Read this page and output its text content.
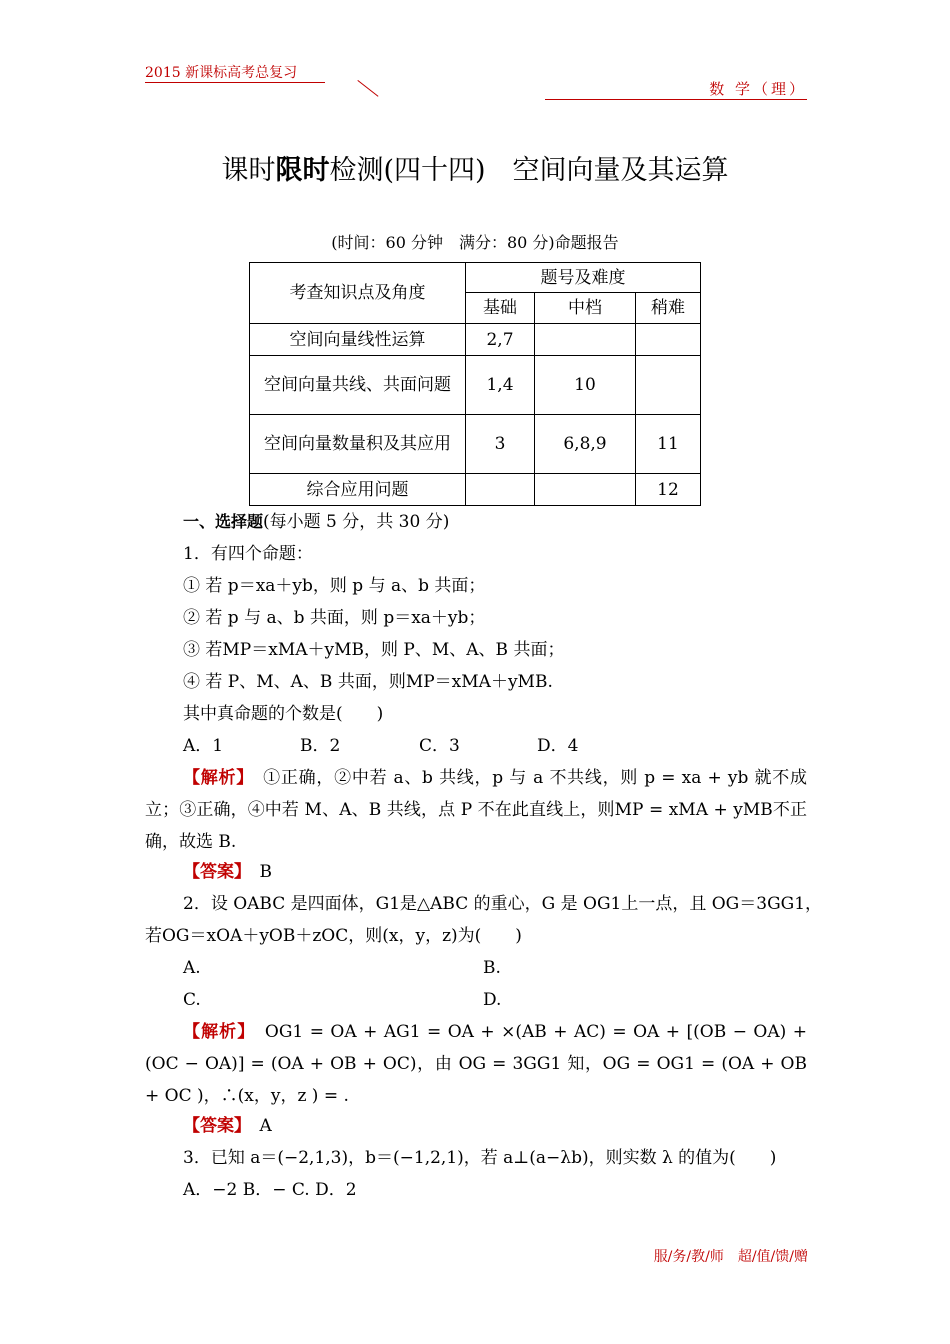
2015 新课标高考总复习
数 学（理）
课时限时检测(四十四)　空间向量及其运算
(时间：60 分钟　满分：80 分)命题报告
考查知识点及角度	题号及难度		
	基础	中档	稍难
空间向量线性运算	2,7		
空间向量共线、共面问题	1,4	10	
空间向量数量积及其应用	3	6,8,9	11
综合应用问题			12
一、选择题(每小题 5 分，共 30 分)
1．有四个命题：
① 若 p＝xa＋yb，则 p 与 a、b 共面；
② 若 p 与 a、b 共面，则 p＝xa＋yb；
③ 若MP＝xMA＋yMB，则 P、M、A、B 共面；
④ 若 P、M、A、B 共面，则MP＝xMA＋yMB.
其中真命题的个数是(　　)
A．1	B．2	C．3	D．4
【解析】　 ①正确，②中若 a、b 共线，p 与 a 不共线，则 p = xa + yb 就不成立；③正确，④中若 M、A、B 共线，点 P 不在此直线上，则MP = xMA + yMB不正确，故选 B.
【答案】　 B
2．设 OABC 是四面体，G1是△ABC 的重心，G 是 OG1上一点，且 OG＝3GG1，
若OG＝xOA＋yOB＋zOC，则(x，y，z)为(　　)
A.	B.
C.	D.
【解析】　 OG1 = OA + AG1 = OA + ×(AB + AC) = OA + [(OB − OA) + (OC − OA)] = (OA + OB + OC)，由 OG = 3GG1 知，OG = OG1 = (OA + OB + OC )，∴(x，y，z ) = .
【答案】　 A
3．已知 a＝(−2,1,3)，b＝(−1,2,1)，若 a⊥(a−λb)，则实数 λ 的值为(　　)
A．−2 B．− C. D．2
服/务/教/师　超/值/馈/赠
